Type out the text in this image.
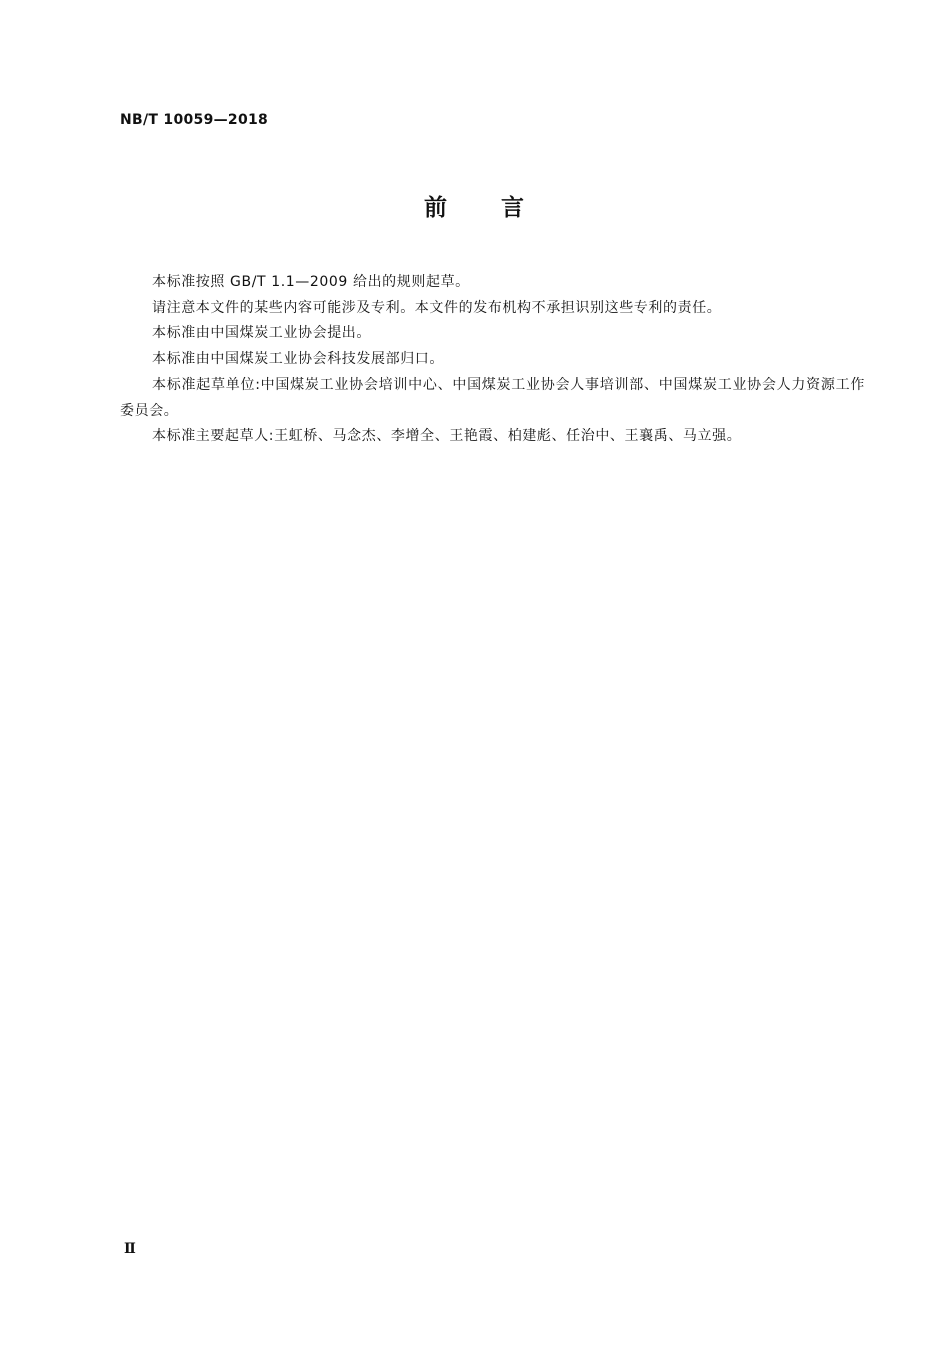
NB/T 10059—2018
前 言

本标准按照 GB/T 1.1—2009 给出的规则起草。

请注意本文件的某些内容可能涉及专利。本文件的发布机构不承担识别这些专利的责任。

本标准由中国煤炭工业协会提出。

本标准由中国煤炭工业协会科技发展部归口。

本标准起草单位:中国煤炭工业协会培训中心、中国煤炭工业协会人事培训部、中国煤炭工业协会人力资源工作委员会。

本标准主要起草人:王虹桥、马念杰、李增全、王艳霞、柏建彪、任治中、王襄禹、马立强。

Ⅱ
